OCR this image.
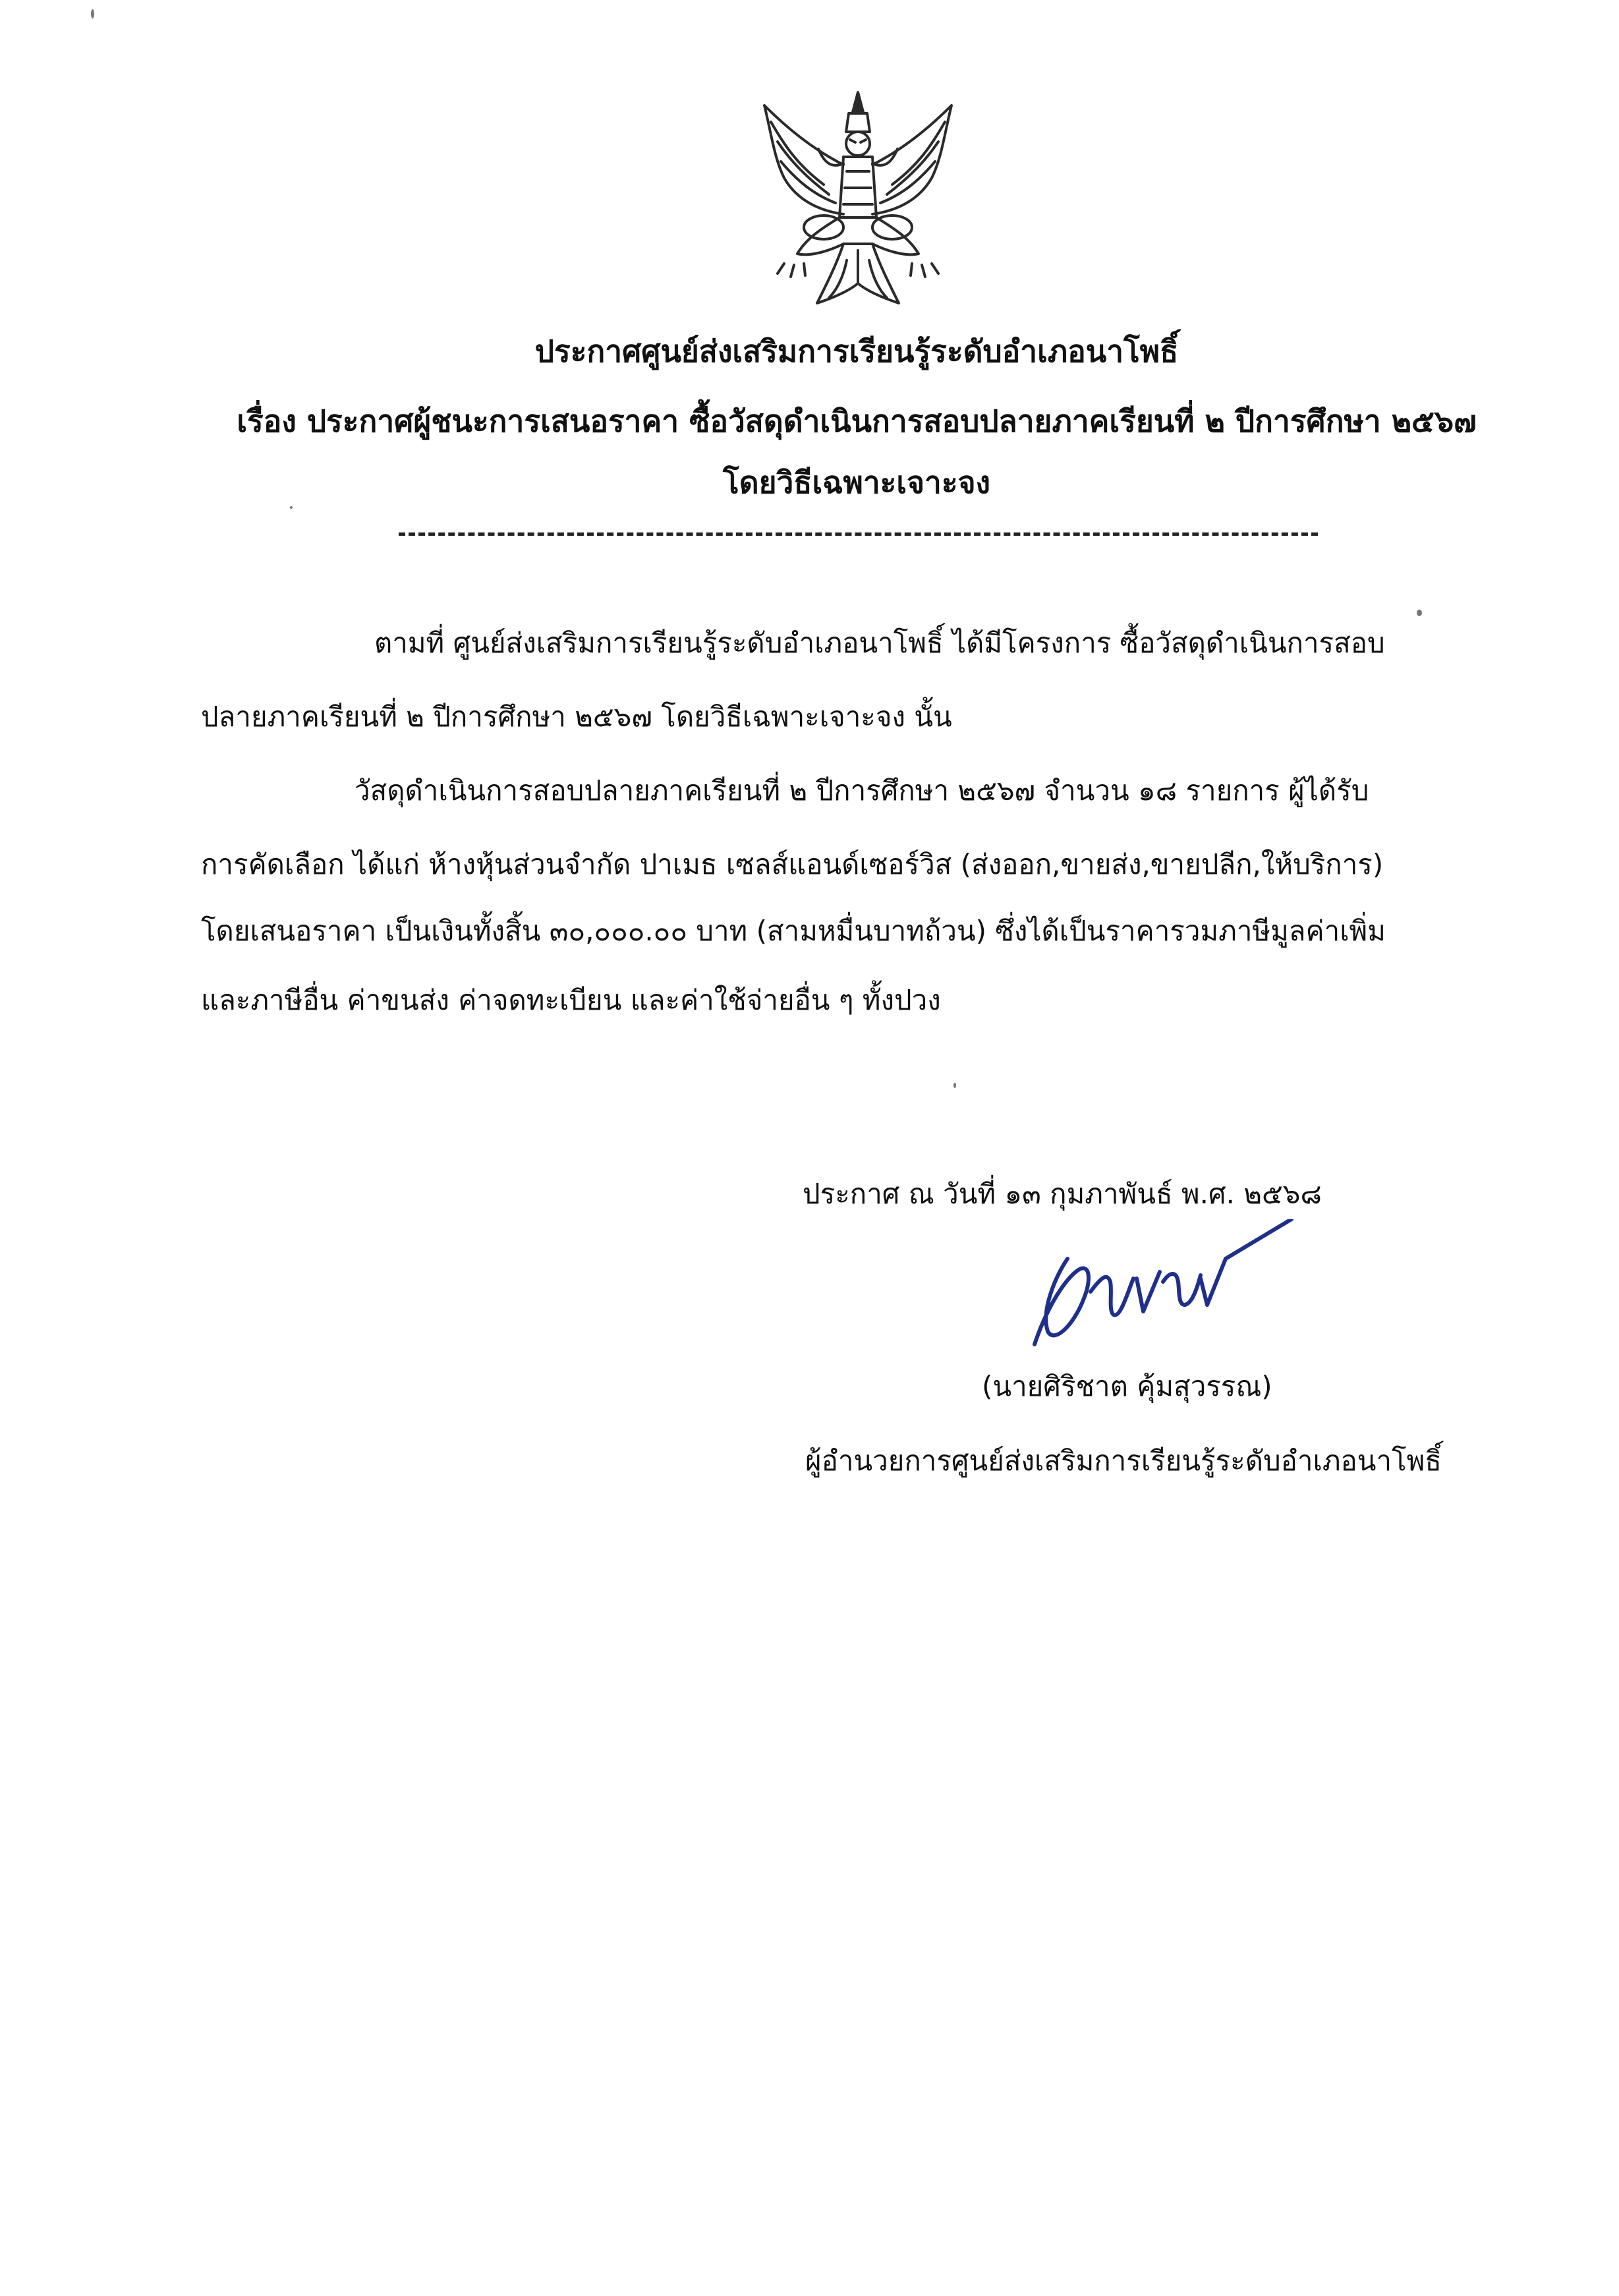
ประกาศศูนย์ส่งเสริมการเรียนรู้ระดับอำเภอนาโพธิ์
เรื่อง ประกาศผู้ชนะการเสนอราคา ซื้อวัสดุดำเนินการสอบปลายภาคเรียนที่ ๒ ปีการศึกษา ๒๕๖๗
โดยวิธีเฉพาะเจาะจง
ตามที่ ศูนย์ส่งเสริมการเรียนรู้ระดับอำเภอนาโพธิ์ ได้มีโครงการ ซื้อวัสดุดำเนินการสอบ
ปลายภาคเรียนที่ ๒ ปีการศึกษา ๒๕๖๗ โดยวิธีเฉพาะเจาะจง นั้น
วัสดุดำเนินการสอบปลายภาคเรียนที่ ๒ ปีการศึกษา ๒๕๖๗ จำนวน ๑๘ รายการ ผู้ได้รับ
การคัดเลือก ได้แก่ ห้างหุ้นส่วนจำกัด ปาเมธ เซลส์แอนด์เซอร์วิส (ส่งออก,ขายส่ง,ขายปลีก,ให้บริการ)
โดยเสนอราคา เป็นเงินทั้งสิ้น ๓๐,๐๐๐.๐๐ บาท (สามหมื่นบาทถ้วน) ซึ่งได้เป็นราคารวมภาษีมูลค่าเพิ่ม
และภาษีอื่น ค่าขนส่ง ค่าจดทะเบียน และค่าใช้จ่ายอื่น ๆ ทั้งปวง
ประกาศ ณ วันที่ ๑๓ กุมภาพันธ์ พ.ศ. ๒๕๖๘
(นายศิริชาต คุ้มสุวรรณ)
ผู้อำนวยการศูนย์ส่งเสริมการเรียนรู้ระดับอำเภอนาโพธิ์
